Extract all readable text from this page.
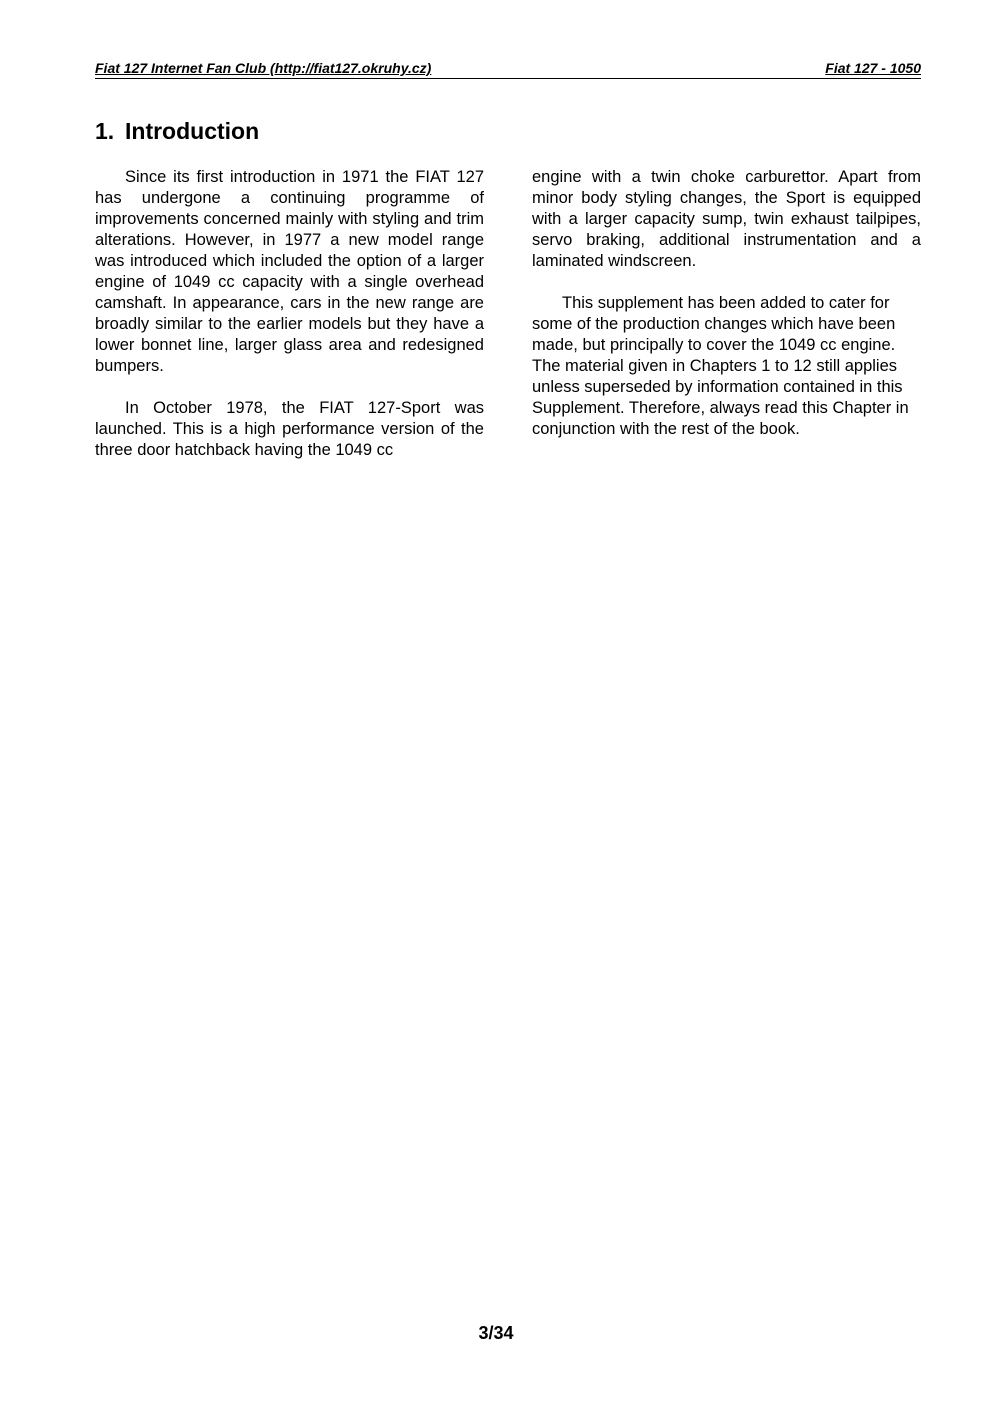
Fiat 127 Internet Fan Club (http://fiat127.okruhy.cz)	Fiat 127 - 1050
1. Introduction

Since its first introduction in 1971 the FIAT 127 has undergone a continuing programme of improvements concerned mainly with styling and trim alterations. However, in 1977 a new model range was introduced which included the option of a larger engine of 1049 cc capacity with a single overhead camshaft. In appearance, cars in the new range are broadly similar to the earlier models but they have a lower bonnet line, larger glass area and redesigned bumpers.

In October 1978, the FIAT 127-Sport was launched. This is a high performance version of the three door hatchback having the 1049 cc

engine with a twin choke carburettor. Apart from minor body styling changes, the Sport is equipped with a larger capacity sump, twin exhaust tailpipes, servo braking, additional instrumentation and a laminated windscreen.

This supplement has been added to cater for some of the production changes which have been made, but principally to cover the 1049 cc engine. The material given in Chapters 1 to 12 still applies unless superseded by information contained in this Supplement. Therefore, always read this Chapter in conjunction with the rest of the book.

3/34
